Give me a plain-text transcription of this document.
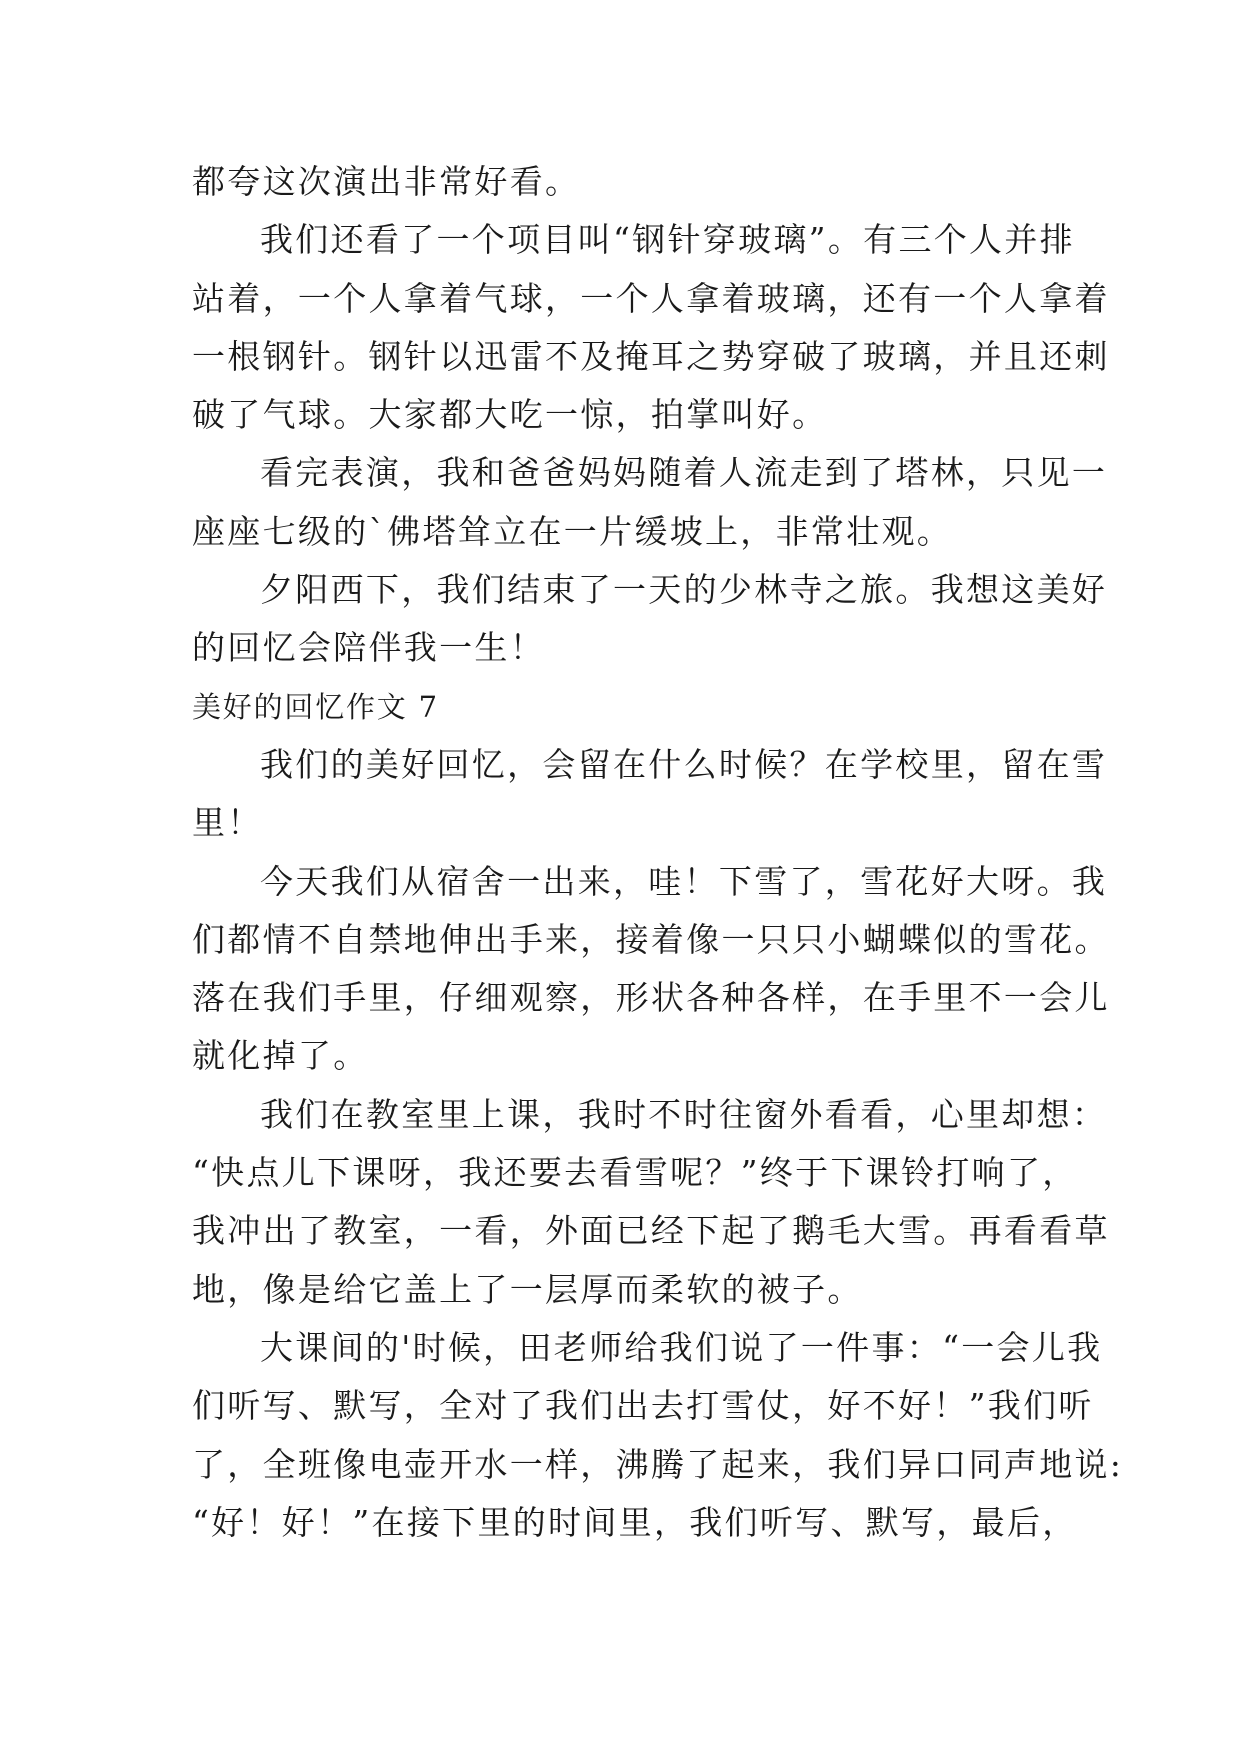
都夸这次演出非常好看。
我们还看了一个项目叫“钢针穿玻璃”。有三个人并排
站着，一个人拿着气球，一个人拿着玻璃，还有一个人拿着
一根钢针。钢针以迅雷不及掩耳之势穿破了玻璃，并且还刺
破了气球。大家都大吃一惊，拍掌叫好。
看完表演，我和爸爸妈妈随着人流走到了塔林，只见一
座座七级的`佛塔耸立在一片缓坡上，非常壮观。
夕阳西下，我们结束了一天的少林寺之旅。我想这美好
的回忆会陪伴我一生！
美好的回忆作文 7
我们的美好回忆，会留在什么时候？在学校里，留在雪
里！
今天我们从宿舍一出来，哇！下雪了，雪花好大呀。我
们都情不自禁地伸出手来，接着像一只只小蝴蝶似的雪花。
落在我们手里，仔细观察，形状各种各样，在手里不一会儿
就化掉了。
我们在教室里上课，我时不时往窗外看看，心里却想：
“快点儿下课呀，我还要去看雪呢？”终于下课铃打响了，
我冲出了教室，一看，外面已经下起了鹅毛大雪。再看看草
地，像是给它盖上了一层厚而柔软的被子。
大课间的'时候，田老师给我们说了一件事：“一会儿我
们听写、默写，全对了我们出去打雪仗，好不好！”我们听
了，全班像电壶开水一样，沸腾了起来，我们异口同声地说:
“好！好！”在接下里的时间里，我们听写、默写，最后，
